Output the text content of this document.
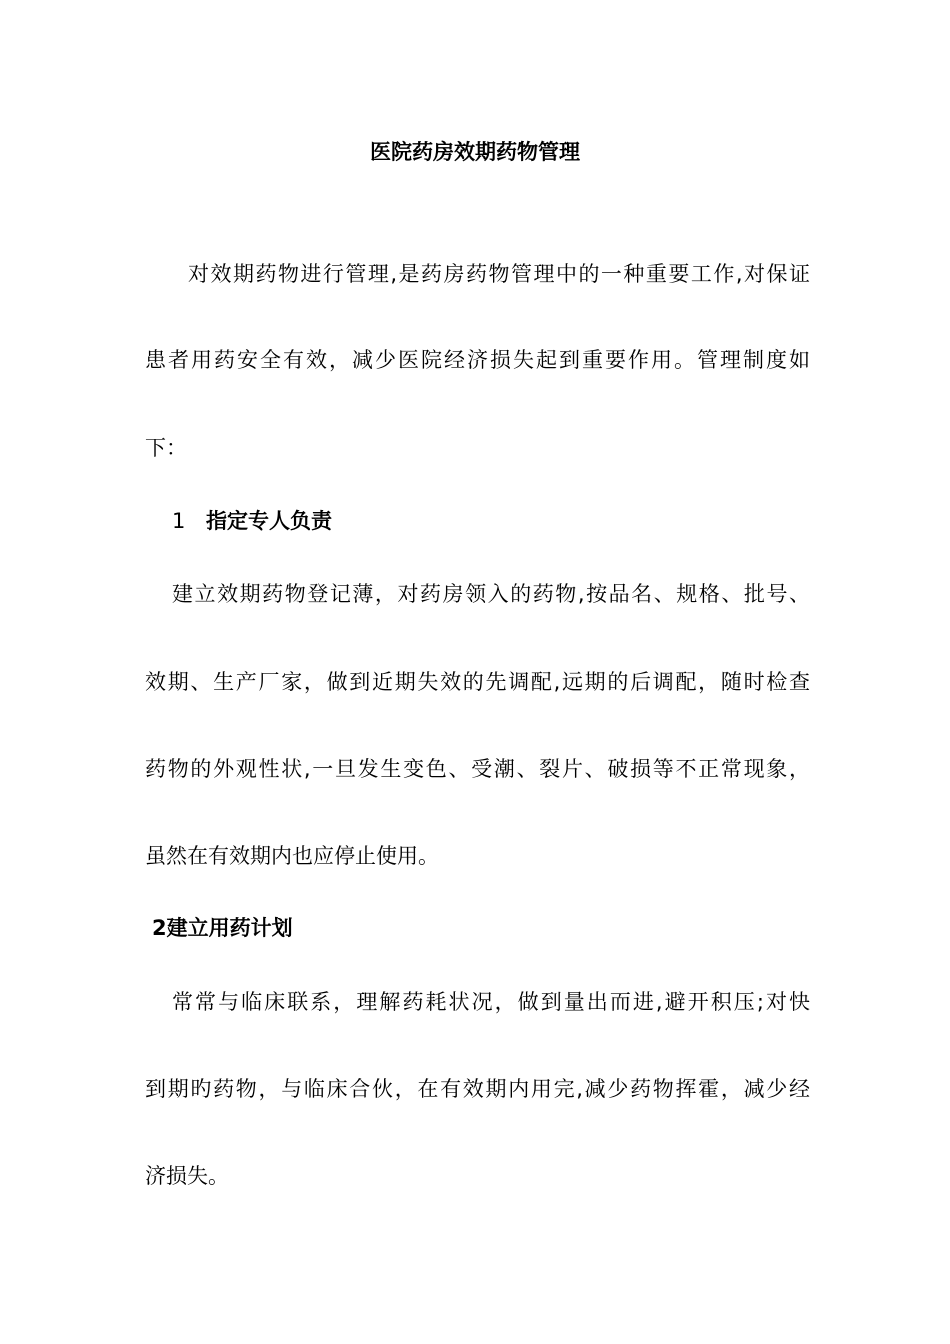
医院药房效期药物管理
对效期药物进行管理,是药房药物管理中的一种重要工作,对保证
患者用药安全有效，减少医院经济损失起到重要作用。管理制度如
下：
1 指定专人负责
建立效期药物登记薄，对药房领入的药物,按品名、规格、批号、
效期、生产厂家，做到近期失效的先调配,远期的后调配，随时检查
药物的外观性状,一旦发生变色、受潮、裂片、破损等不正常现象，
虽然在有效期内也应停止使用。
2建立用药计划
常常与临床联系，理解药耗状况，做到量出而进,避开积压;对快
到期旳药物，与临床合伙，在有效期内用完,减少药物挥霍，减少经
济损失。
